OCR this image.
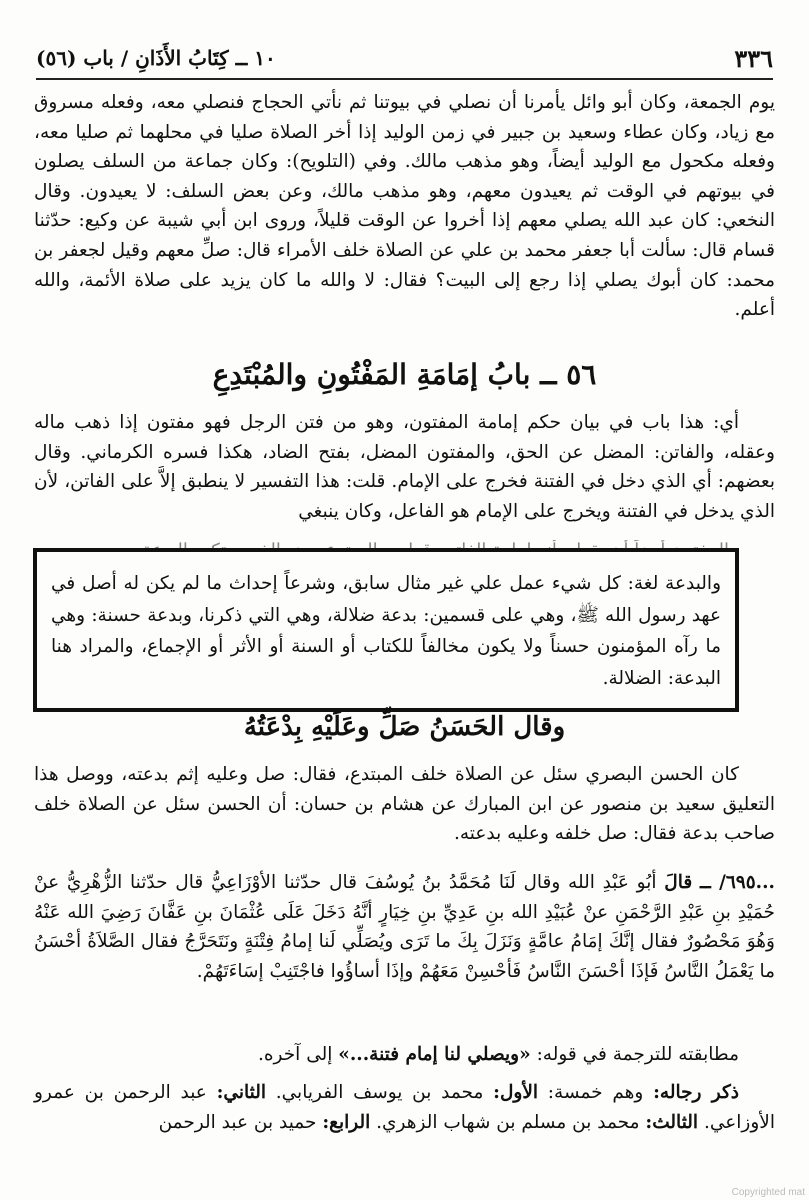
١٠ ــ كِتَابُ الأَذَانِ / باب (٥٦)	٣٣٦

يوم الجمعة، وكان أبو وائل يأمرنا أن نصلي في بيوتنا ثم نأتي الحجاج فنصلي معه، وفعله مسروق مع زياد، وكان عطاء وسعيد بن جبير في زمن الوليد إذا أخر الصلاة صليا في محلهما ثم صليا معه، وفعله مكحول مع الوليد أيضاً، وهو مذهب مالك. وفي (التلويح): وكان جماعة من السلف يصلون في بيوتهم في الوقت ثم يعيدون معهم، وهو مذهب مالك، وعن بعض السلف: لا يعيدون. وقال النخعي: كان عبد الله يصلي معهم إذا أخروا عن الوقت قليلاً، وروى ابن أبي شيبة عن وكيع: حدّثنا قسام قال: سألت أبا جعفر محمد بن علي عن الصلاة خلف الأمراء قال: صلِّ معهم وقيل لجعفر بن محمد: كان أبوك يصلي إذا رجع إلى البيت؟ فقال: لا والله ما كان يزيد على صلاة الأئمة، والله أعلم.

٥٦ ــ بابُ إمَامَةِ المَفْتُونِ والمُبْتَدِعِ

أي: هذا باب في بيان حكم إمامة المفتون، وهو من فتن الرجل فهو مفتون إذا ذهب ماله وعقله، والفاتن: المضل عن الحق، والمفتون المضل، بفتح الضاد، هكذا فسره الكرماني. وقال بعضهم: أي الذي دخل في الفتنة فخرج على الإمام. قلت: هذا التفسير لا ينطبق إلاَّ على الفاتن، لأن الذي يدخل في الفتنة ويخرج على الإمام هو الفاعل، وكان ينبغي

والبدعة لغة: كل شيء عمل علي غير مثال سابق، وشرعاً إحداث ما لم يكن له أصل في عهد رسول الله ﷺ، وهي على قسمين: بدعة ضلالة، وهي التي ذكرنا، وبدعة حسنة: وهي ما رآه المؤمنون حسناً ولا يكون مخالفاً للكتاب أو السنة أو الأثر أو الإجماع، والمراد هنا البدعة: الضلالة.
وقال الحَسَنُ صَلِّ وعَلَيْهِ بِدْعَتُهُ

كان الحسن البصري سئل عن الصلاة خلف المبتدع، فقال: صل وعليه إثم بدعته، ووصل هذا التعليق سعيد بن منصور عن ابن المبارك عن هشام بن حسان: أن الحسن سئل عن الصلاة خلف صاحب بدعة فقال: صل خلفه وعليه بدعته.

...٦٩٥/ ــ قالَ أبُو عَبْدِ الله وقال لَنَا مُحَمَّدُ بنُ يُوسُفَ قال حدّثنا الأوْزَاعِيُّ قال حدّثنا الزُّهْرِيُّ عنْ حُمَيْدِ بنِ عَبْدِ الرَّحْمَنِ عنْ عُبَيْدِ الله بنِ عَدِيِّ بنِ خِيَارٍ أنَّهُ دَخَلَ عَلَى عُثْمَانَ بنِ عَفَّانَ رَضِيَ الله عَنْهُ وَهُوَ مَحْصُورٌ فقال إنَّكَ إمَامُ عامَّةٍ وَنَزَلَ بِكَ ما تَرَى ويُصَلِّي لَنا إمامُ فِتْنَةٍ ونَتَحَرَّجُ فقال الصَّلاَةُ أحْسَنُ ما يَعْمَلُ النَّاسُ فَإذَا أحْسَنَ النَّاسُ فَأحْسِنْ مَعَهُمْ وإذَا أساؤُوا فاجْتَنِبْ إسَاءَتَهُمْ.

مطابقته للترجمة في قوله: «ويصلي لنا إمام فتنة...» إلى آخره.

ذكر رجاله: وهم خمسة: الأول: محمد بن يوسف الفريابي. الثاني: عبد الرحمن بن عمرو الأوزاعي. الثالث: محمد بن مسلم بن شهاب الزهري. الرابع: حميد بن عبد الرحمن

Copyrighted mat
